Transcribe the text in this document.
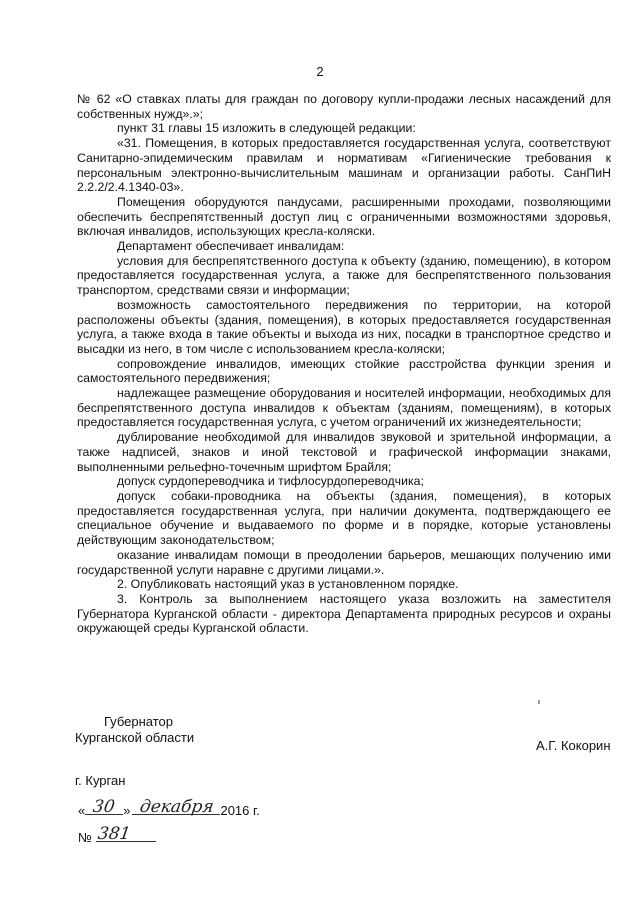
2

№ 62 «О ставках платы для граждан по договору купли-продажи лесных насаждений для собственных нужд».»;

пункт 31 главы 15 изложить в следующей редакции:

«31. Помещения, в которых предоставляется государственная услуга, соответствуют Санитарно-эпидемическим правилам и нормативам «Гигиенические требования к персональным электронно-вычислительным машинам и организации работы. СанПиН 2.2.2/2.4.1340-03».

Помещения оборудуются пандусами, расширенными проходами, позволяющими обеспечить беспрепятственный доступ лиц с ограниченными возможностями здоровья, включая инвалидов, использующих кресла-коляски.

Департамент обеспечивает инвалидам:

условия для беспрепятственного доступа к объекту (зданию, помещению), в котором предоставляется государственная услуга, а также для беспрепятственного пользования транспортом, средствами связи и информации;

возможность самостоятельного передвижения по территории, на которой расположены объекты (здания, помещения), в которых предоставляется государственная услуга, а также входа в такие объекты и выхода из них, посадки в транспортное средство и высадки из него, в том числе с использованием кресла-коляски;

сопровождение инвалидов, имеющих стойкие расстройства функции зрения и самостоятельного передвижения;

надлежащее размещение оборудования и носителей информации, необходимых для беспрепятственного доступа инвалидов к объектам (зданиям, помещениям), в которых предоставляется государственная услуга, с учетом ограничений их жизнедеятельности;

дублирование необходимой для инвалидов звуковой и зрительной информации, а также надписей, знаков и иной текстовой и графической информации знаками, выполненными рельефно-точечным шрифтом Брайля;

допуск сурдопереводчика и тифлосурдопереводчика;

допуск собаки-проводника на объекты (здания, помещения), в которых предоставляется государственная услуга, при наличии документа, подтверждающего ее специальное обучение и выдаваемого по форме и в порядке, которые установлены действующим законодательством;

оказание инвалидам помощи в преодолении барьеров, мешающих получению ими государственной услуги наравне с другими лицами.».

2. Опубликовать настоящий указ в установленном порядке.

3. Контроль за выполнением настоящего указа возложить на заместителя Губернатора Курганской области - директора Департамента природных ресурсов и охраны окружающей среды Курганской области.

Губернатор
Курганской области
А.Г. Кокорин
г. Курган
« 30 » декабря 2016 г.
№ 381
